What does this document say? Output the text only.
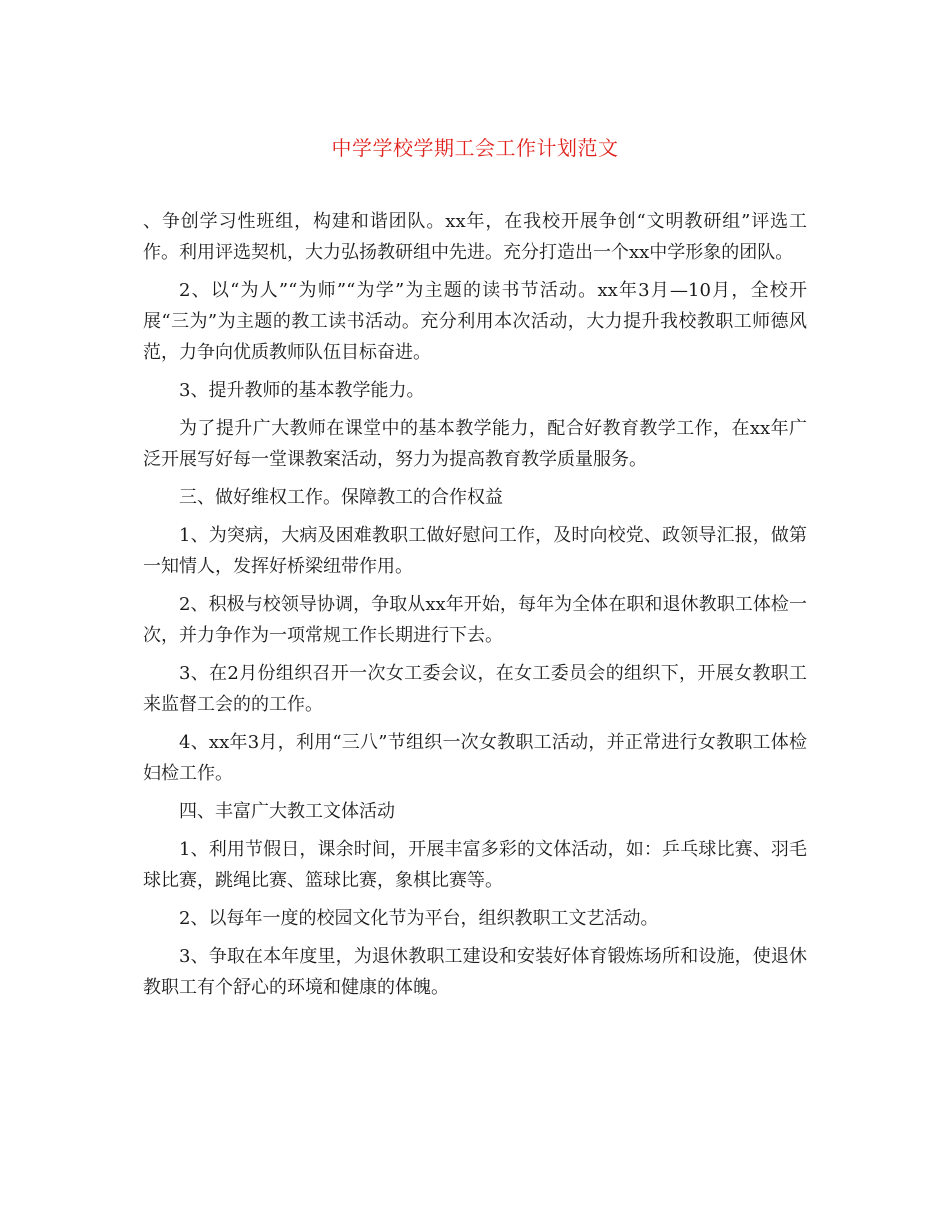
中学学校学期工会工作计划范文

、争创学习性班组，构建和谐团队。xx年，在我校开展争创“文明教研组”评选工作。利用评选契机，大力弘扬教研组中先进。充分打造出一个xx中学形象的团队。

2、以“为人”“为师”“为学”为主题的读书节活动。xx年3月—10月，全校开展“三为”为主题的教工读书活动。充分利用本次活动，大力提升我校教职工师德风范，力争向优质教师队伍目标奋进。

3、提升教师的基本教学能力。

为了提升广大教师在课堂中的基本教学能力，配合好教育教学工作，在xx年广泛开展写好每一堂课教案活动，努力为提高教育教学质量服务。

三、做好维权工作。保障教工的合作权益

1、为突病，大病及困难教职工做好慰问工作，及时向校党、政领导汇报，做第一知情人，发挥好桥梁纽带作用。

2、积极与校领导协调，争取从xx年开始，每年为全体在职和退休教职工体检一次，并力争作为一项常规工作长期进行下去。

3、在2月份组织召开一次女工委会议，在女工委员会的组织下，开展女教职工来监督工会的的工作。

4、xx年3月，利用“三八”节组织一次女教职工活动，并正常进行女教职工体检妇检工作。

四、丰富广大教工文体活动

1、利用节假日，课余时间，开展丰富多彩的文体活动，如：乒乓球比赛、羽毛球比赛，跳绳比赛、篮球比赛，象棋比赛等。

2、以每年一度的校园文化节为平台，组织教职工文艺活动。

3、争取在本年度里，为退休教职工建设和安装好体育锻炼场所和设施，使退休教职工有个舒心的环境和健康的体魄。
